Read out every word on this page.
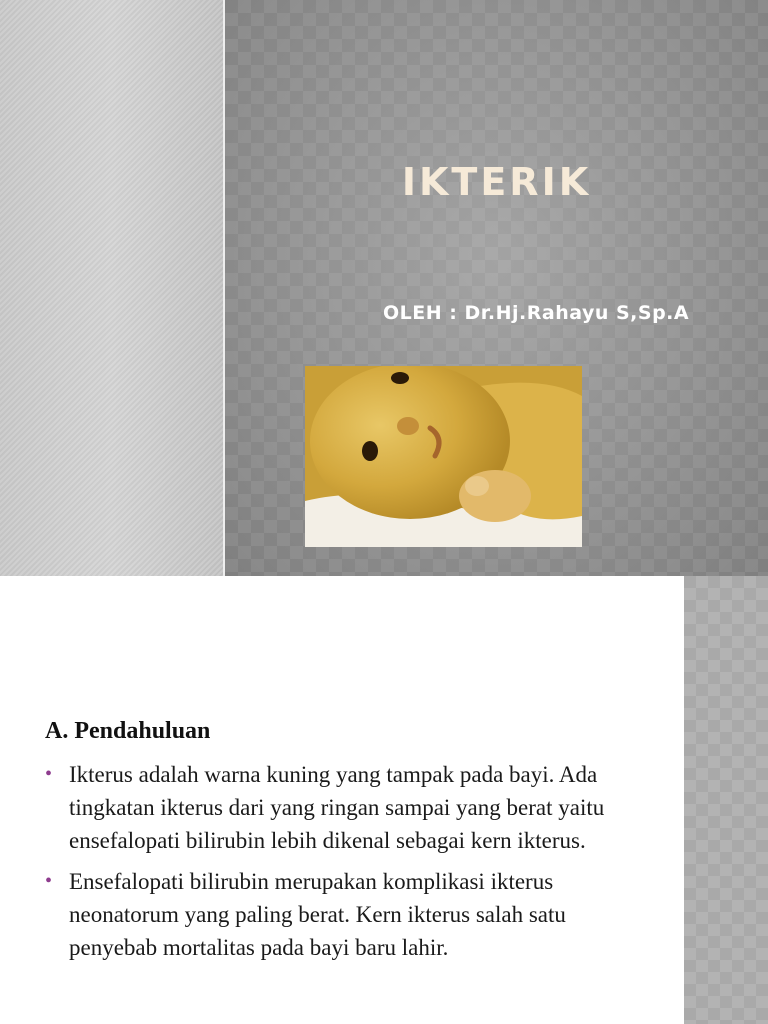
IKTERIK
OLEH : Dr.Hj.Rahayu S,Sp.A
A. Pendahuluan
• Ikterus adalah warna kuning yang tampak pada bayi. Ada tingkatan ikterus dari yang ringan sampai yang berat yaitu ensefalopati bilirubin lebih dikenal sebagai kern ikterus.
• Ensefalopati bilirubin merupakan komplikasi ikterus neonatorum yang paling berat. Kern ikterus salah satu penyebab mortalitas pada bayi baru lahir.
